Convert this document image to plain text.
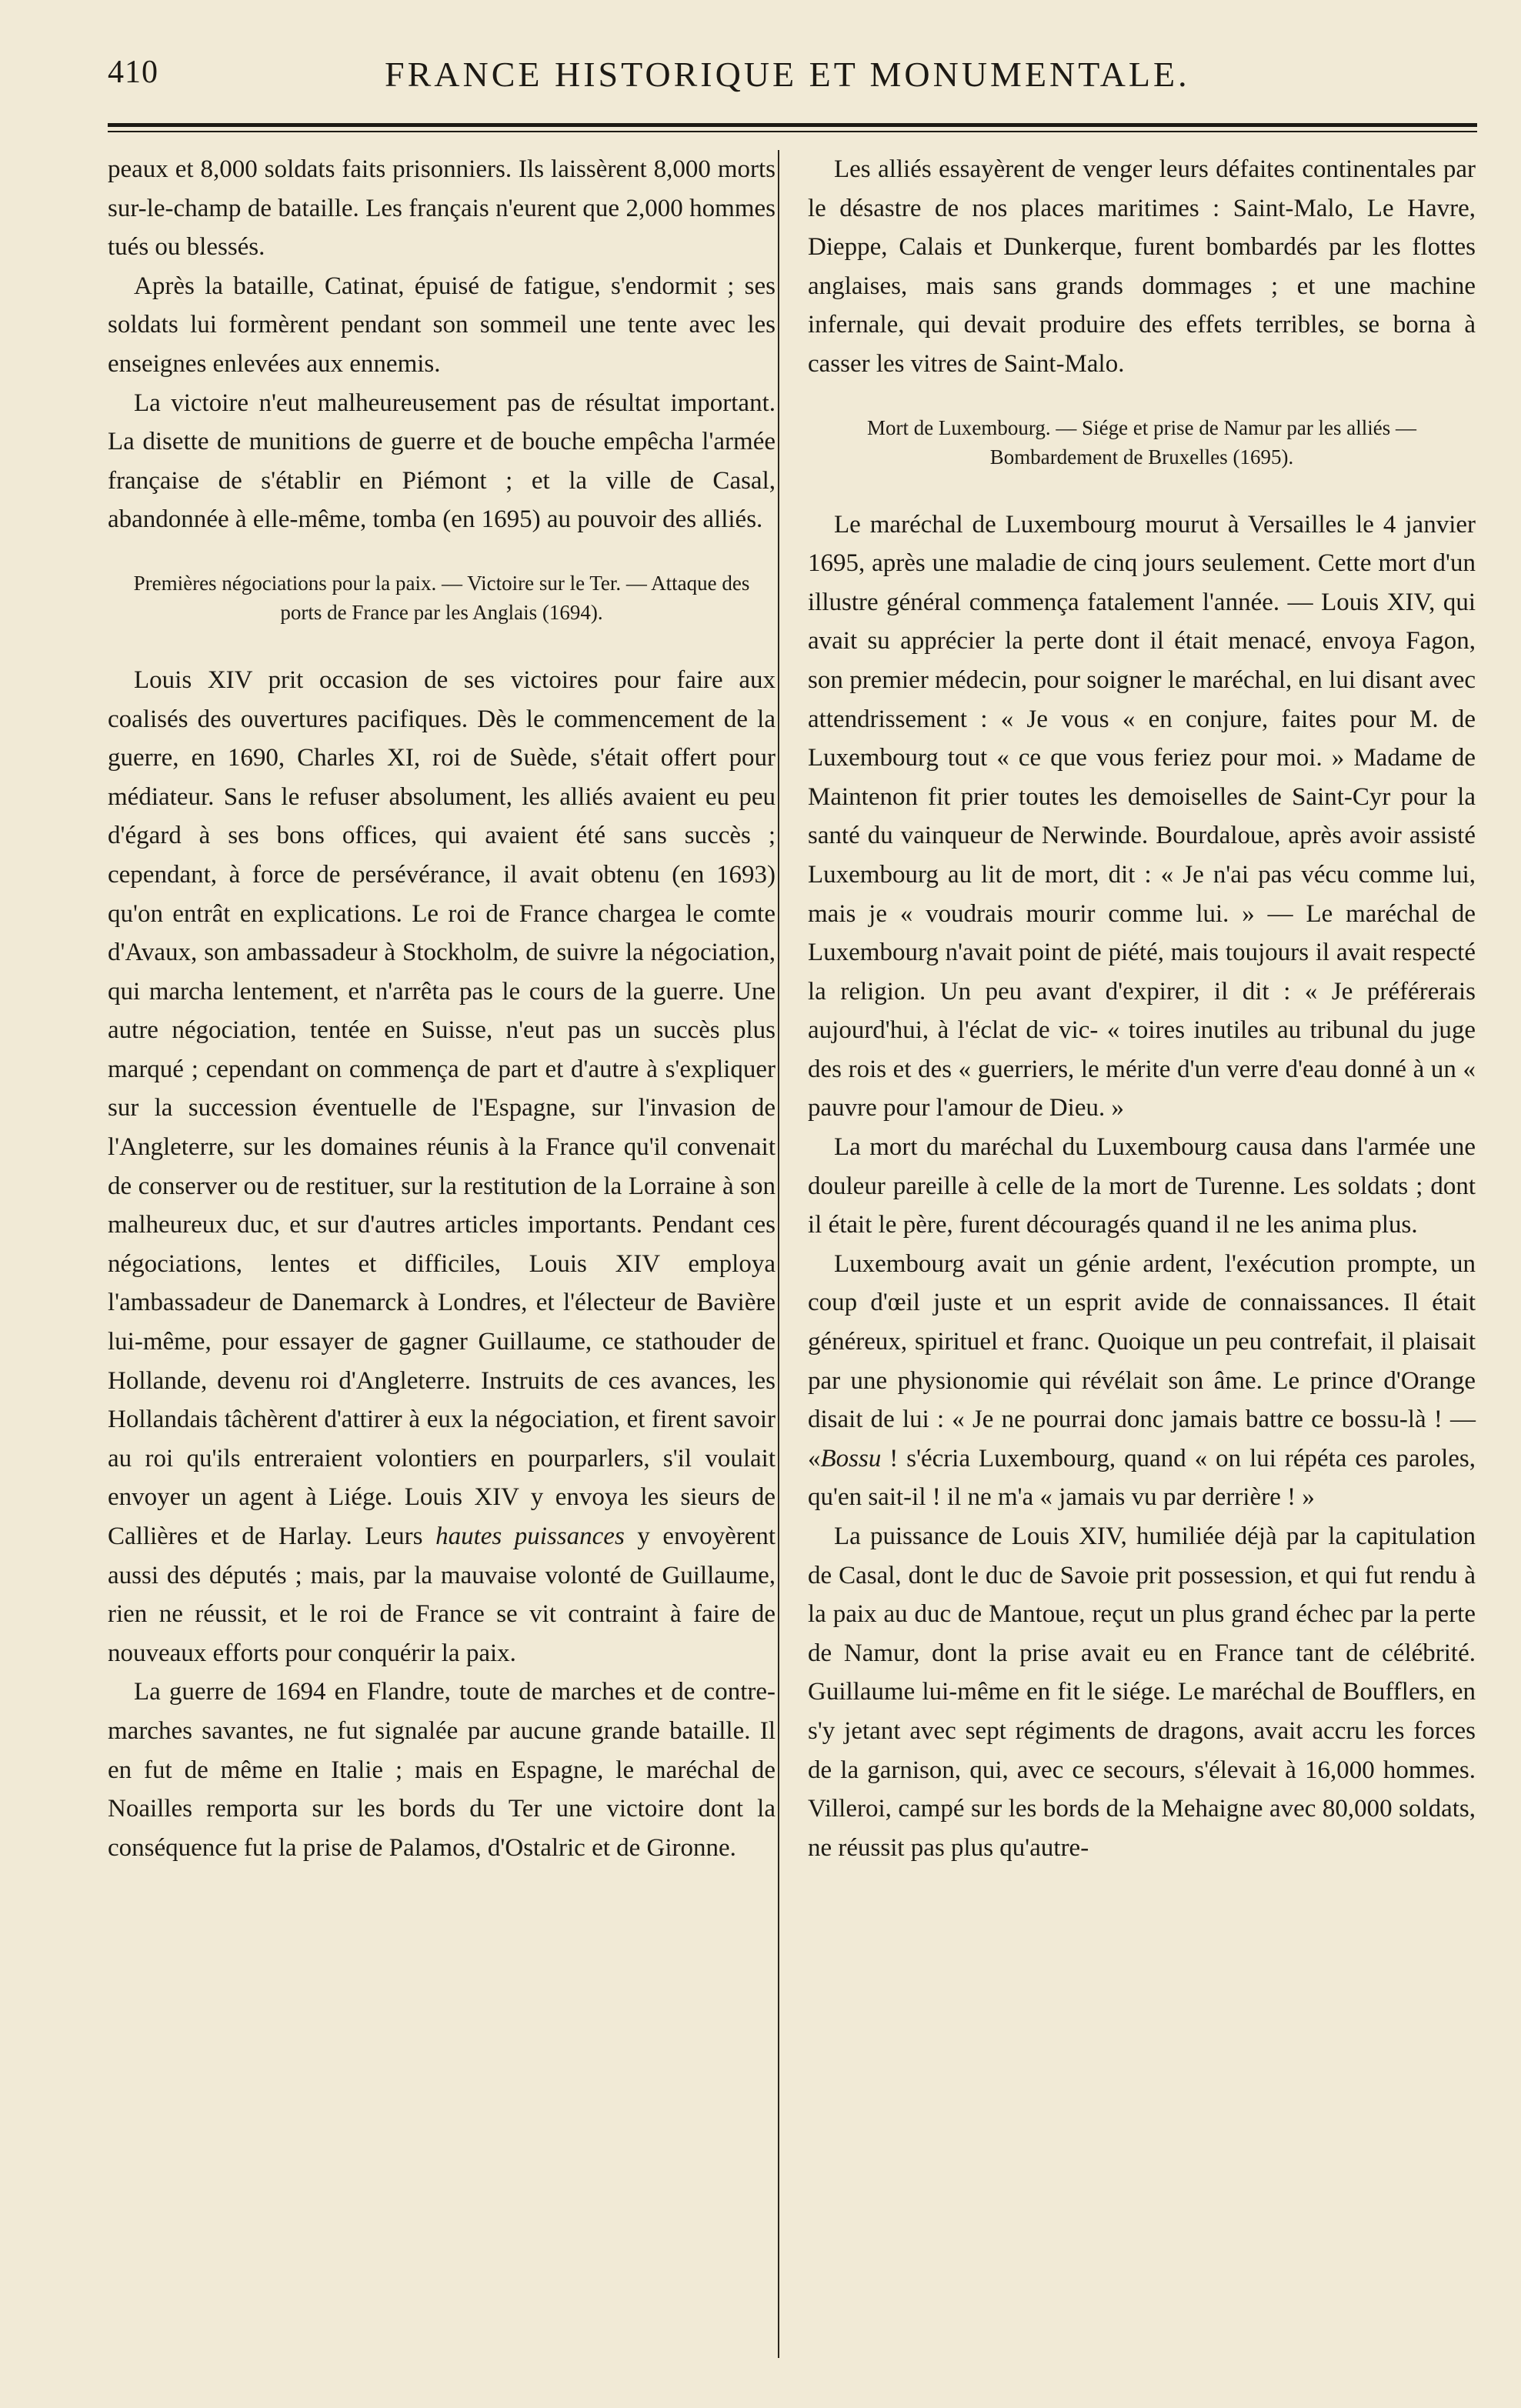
410	FRANCE HISTORIQUE ET MONUMENTALE.

peaux et 8,000 soldats faits prisonniers. Ils laissèrent 8,000 morts sur-le-champ de bataille. Les français n'eurent que 2,000 hommes tués ou blessés.

Après la bataille, Catinat, épuisé de fatigue, s'endormit ; ses soldats lui formèrent pendant son sommeil une tente avec les enseignes enlevées aux ennemis.

La victoire n'eut malheureusement pas de résultat important. La disette de munitions de guerre et de bouche empêcha l'armée française de s'établir en Piémont ; et la ville de Casal, abandonnée à elle-même, tomba (en 1695) au pouvoir des alliés.

Premières négociations pour la paix. — Victoire sur le Ter. — Attaque des ports de France par les Anglais (1694).

Louis XIV prit occasion de ses victoires pour faire aux coalisés des ouvertures pacifiques. Dès le commencement de la guerre, en 1690, Charles XI, roi de Suède, s'était offert pour médiateur. Sans le refuser absolument, les alliés avaient eu peu d'égard à ses bons offices, qui avaient été sans succès ; cependant, à force de persévérance, il avait obtenu (en 1693) qu'on entrât en explications. Le roi de France chargea le comte d'Avaux, son ambassadeur à Stockholm, de suivre la négociation, qui marcha lentement, et n'arrêta pas le cours de la guerre. Une autre négociation, tentée en Suisse, n'eut pas un succès plus marqué ; cependant on commença de part et d'autre à s'expliquer sur la succession éventuelle de l'Espagne, sur l'invasion de l'Angleterre, sur les domaines réunis à la France qu'il convenait de conserver ou de restituer, sur la restitution de la Lorraine à son malheureux duc, et sur d'autres articles importants. Pendant ces négociations, lentes et difficiles, Louis XIV employa l'ambassadeur de Danemarck à Londres, et l'électeur de Bavière lui-même, pour essayer de gagner Guillaume, ce stathouder de Hollande, devenu roi d'Angleterre. Instruits de ces avances, les Hollandais tâchèrent d'attirer à eux la négociation, et firent savoir au roi qu'ils entreraient volontiers en pourparlers, s'il voulait envoyer un agent à Liége. Louis XIV y envoya les sieurs de Callières et de Harlay. Leurs hautes puissances y envoyèrent aussi des députés ; mais, par la mauvaise volonté de Guillaume, rien ne réussit, et le roi de France se vit contraint à faire de nouveaux efforts pour conquérir la paix.

La guerre de 1694 en Flandre, toute de marches et de contre-marches savantes, ne fut signalée par aucune grande bataille. Il en fut de même en Italie ; mais en Espagne, le maréchal de Noailles remporta sur les bords du Ter une victoire dont la conséquence fut la prise de Palamos, d'Ostalric et de Gironne.

Les alliés essayèrent de venger leurs défaites continentales par le désastre de nos places maritimes : Saint-Malo, Le Havre, Dieppe, Calais et Dunkerque, furent bombardés par les flottes anglaises, mais sans grands dommages ; et une machine infernale, qui devait produire des effets terribles, se borna à casser les vitres de Saint-Malo.

Mort de Luxembourg. — Siége et prise de Namur par les alliés — Bombardement de Bruxelles (1695).

Le maréchal de Luxembourg mourut à Versailles le 4 janvier 1695, après une maladie de cinq jours seulement. Cette mort d'un illustre général commença fatalement l'année. — Louis XIV, qui avait su apprécier la perte dont il était menacé, envoya Fagon, son premier médecin, pour soigner le maréchal, en lui disant avec attendrissement : « Je vous « en conjure, faites pour M. de Luxembourg tout « ce que vous feriez pour moi. » Madame de Maintenon fit prier toutes les demoiselles de Saint-Cyr pour la santé du vainqueur de Nerwinde. Bourdaloue, après avoir assisté Luxembourg au lit de mort, dit : « Je n'ai pas vécu comme lui, mais je « voudrais mourir comme lui. » — Le maréchal de Luxembourg n'avait point de piété, mais toujours il avait respecté la religion. Un peu avant d'expirer, il dit : « Je préférerais aujourd'hui, à l'éclat de vic- « toires inutiles au tribunal du juge des rois et des « guerriers, le mérite d'un verre d'eau donné à un « pauvre pour l'amour de Dieu. »

La mort du maréchal du Luxembourg causa dans l'armée une douleur pareille à celle de la mort de Turenne. Les soldats ; dont il était le père, furent découragés quand il ne les anima plus.

Luxembourg avait un génie ardent, l'exécution prompte, un coup d'œil juste et un esprit avide de connaissances. Il était généreux, spirituel et franc. Quoique un peu contrefait, il plaisait par une physionomie qui révélait son âme. Le prince d'Orange disait de lui : « Je ne pourrai donc jamais battre ce bossu-là ! — «Bossu ! s'écria Luxembourg, quand « on lui répéta ces paroles, qu'en sait-il ! il ne m'a « jamais vu par derrière ! »

La puissance de Louis XIV, humiliée déjà par la capitulation de Casal, dont le duc de Savoie prit possession, et qui fut rendu à la paix au duc de Mantoue, reçut un plus grand échec par la perte de Namur, dont la prise avait eu en France tant de célébrité. Guillaume lui-même en fit le siége. Le maréchal de Boufflers, en s'y jetant avec sept régiments de dragons, avait accru les forces de la garnison, qui, avec ce secours, s'élevait à 16,000 hommes. Villeroi, campé sur les bords de la Mehaigne avec 80,000 soldats, ne réussit pas plus qu'autre-
